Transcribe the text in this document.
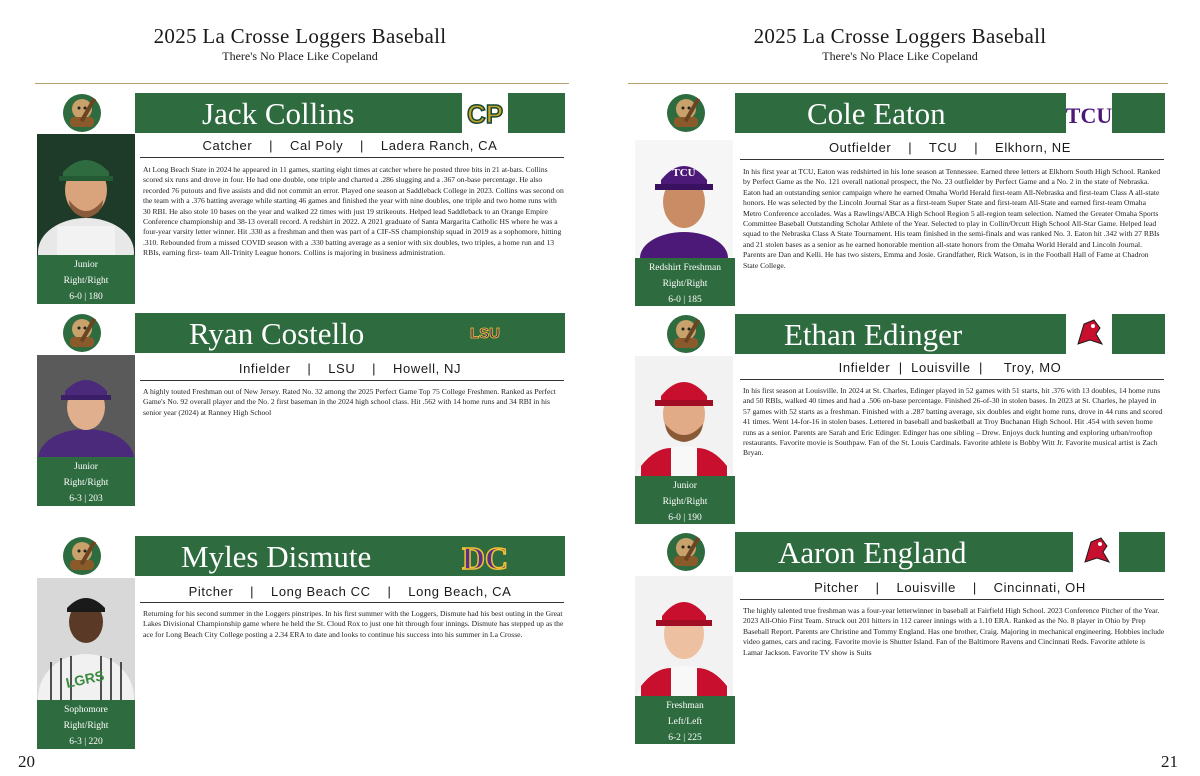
2025 La Crosse Loggers Baseball
There's No Place Like Copeland
Jack Collins	CP
Catcher | Cal Poly | Ladera Ranch, CA
Junior
Right/Right
6-0 | 180
At Long Beach State in 2024 he appeared in 11 games, starting eight times at catcher where he posted three bits in 21 at-bats. Collins scored six runs and drove in four. He had one double, one triple and charted a .286 slugging and a .367 on-base percentage. He also recorded 76 putouts and five assists and did not commit an error. Played one season at Saddleback College in 2023. Collins was second on the team with a .376 batting average while starting 46 games and finished the year with nine doubles, one triple and two home runs with 30 RBI. He also stole 10 bases on the year and walked 22 times with just 19 strikeouts. Helped lead Saddleback to an Orange Empire Conference championship and 38-13 overall record. A redshirt in 2022. A 2021 graduate of Santa Margarita Catholic HS where he was a four-year varsity letter winner. Hit .330 as a freshman and then was part of a CIF-SS championship squad in 2019 as a sophomore, hitting .310. Rebounded from a missed COVID season with a .330 batting average as a senior with six doubles, two triples, a home run and 13 RBIs, earning first- team All-Trinity League honors. Collins is majoring in business administration.
Ryan Costello	LSU
Infielder | LSU | Howell, NJ
Junior
Right/Right
6-3 | 203
A highly touted Freshman out of New Jersey. Rated No. 32 among the 2025 Perfect Game Top 75 College Freshmen. Ranked as Perfect Game's No. 92 overall player and the No. 2 first baseman in the 2024 high school class. Hit .562 with 14 home runs and 34 RBI in his senior year (2024) at Ranney High School
Myles Dismute	DC
Pitcher | Long Beach CC | Long Beach, CA
LGRS
Sophomore
Right/Right
6-3 | 220
Returning for his second summer in the Loggers pinstripes. In his first summer with the Loggers, Dismute had his best outing in the Great Lakes Divisional Championship game where he held the St. Cloud Rox to just one hit through four innings. Dismute has stepped up as the ace for Long Beach City College posting a 2.34 ERA to date and looks to continue his success into his summer in La Crosse.
20
2025 La Crosse Loggers Baseball
There's No Place Like Copeland
Cole Eaton	TCU
Outfielder | TCU | Elkhorn, NE
TCU
Redshirt Freshman
Right/Right
6-0 | 185
In his first year at TCU, Eaton was redshirted in his lone season at Tennessee. Earned three letters at Elkhorn South High School. Ranked by Perfect Game as the No. 121 overall national prospect, the No. 23 outfielder by Perfect Game and a No. 2 in the state of Nebraska. Eaton had an outstanding senior campaign where he earned Omaha World Herald first-team All-Nebraska and first-team Class A all-state honors. He was selected by the Lincoln Journal Star as a first-team Super State and first-team All-State and earned first-team Omaha Metro Conference accolades. Was a Rawlings/ABCA High School Region 5 all-region team selection. Named the Greater Omaha Sports Committee Baseball Outstanding Scholar Athlete of the Year. Selected to play in Collin/Orcutt High School All-Star Game. Helped lead squad to the Nebraska Class A State Tournament. His team finished in the semi-finals and was ranked No. 3. Eaton hit .342 with 27 RBIs and 21 stolen bases as a senior as he earned honorable mention all-state honors from the Omaha World Herald and Lincoln Journal. Parents are Dan and Kelli. He has two sisters, Emma and Josie. Grandfather, Rick Watson, is in the Football Hall of Fame at Chadron State College.
Ethan Edinger
Infielder | Louisville | Troy, MO
Junior
Right/Right
6-0 | 190
In his first season at Louisville. In 2024 at St. Charles, Edinger played in 52 games with 51 starts, hit .376 with 13 doubles, 14 home runs and 50 RBIs, walked 40 times and had a .506 on-base percentage. Finished 26-of-30 in stolen bases. In 2023 at St. Charles, he played in 57 games with 52 starts as a freshman. Finished with a .287 batting average, six doubles and eight home runs, drove in 44 runs and scored 41 times. Went 14-for-16 in stolen bases. Lettered in baseball and basketball at Troy Buchanan High School. Hit .454 with seven home runs as a senior. Parents are Sarah and Eric Edinger. Edinger has one sibling – Drew. Enjoys duck hunting and exploring urban/rooftop restaurants. Favorite movie is Southpaw. Fan of the St. Louis Cardinals. Favorite athlete is Bobby Witt Jr. Favorite musical artist is Zach Bryan.
Aaron England
Pitcher | Louisville | Cincinnati, OH
Freshman
Left/Left
6-2 | 225
The highly talented true freshman was a four-year letterwinner in baseball at Fairfield High School. 2023 Conference Pitcher of the Year. 2023 All-Ohio First Team. Struck out 201 hitters in 112 career innings with a 1.10 ERA. Ranked as the No. 8 player in Ohio by Prep Baseball Report. Parents are Christine and Tommy England. Has one brother, Craig. Majoring in mechanical engineering. Hobbies include video games, cars and racing. Favorite movie is Shutter Island. Fan of the Baltimore Ravens and Cincinnati Reds. Favorite athlete is Lamar Jackson. Favorite TV show is Suits
21
